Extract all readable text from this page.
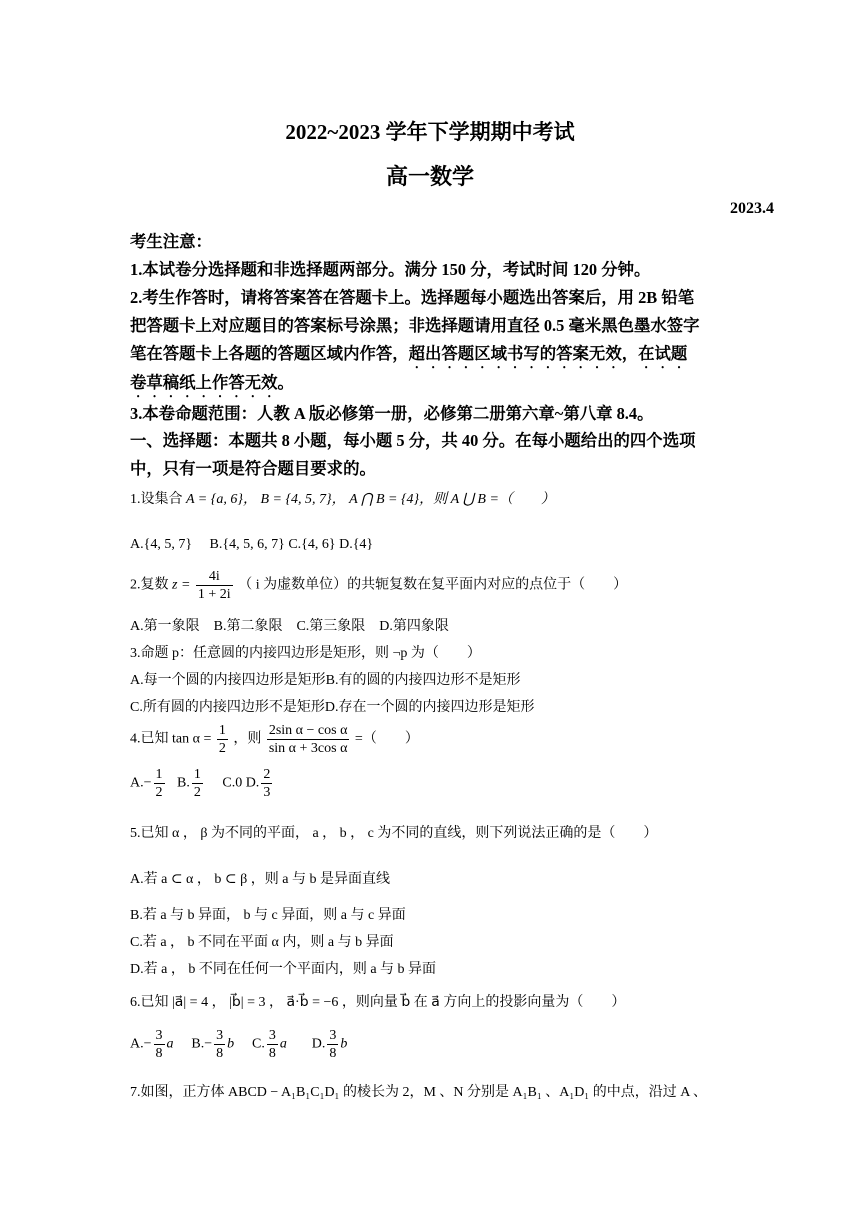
2022~2023 学年下学期期中考试
高一数学
2023.4
考生注意：
1.本试卷分选择题和非选择题两部分。满分 150 分，考试时间 120 分钟。
2.考生作答时，请将答案答在答题卡上。选择题每小题选出答案后，用 2B 铅笔
把答题卡上对应题目的答案标号涂黑；非选择题请用直径 0.5 毫米黑色墨水签字
笔在答题卡上各题的答题区域内作答，超出答题区域书写的答案无效，在试题
卷草稿纸上作答无效。
3.本卷命题范围：人教 A 版必修第一册，必修第二册第六章~第八章 8.4。
一、选择题：本题共 8 小题，每小题 5 分，共 40 分。在每小题给出的四个选项
中，只有一项是符合题目要求的。
1.设集合 A = {a, 6}， B = {4, 5, 7}， A ⋂ B = {4}，则 A ⋃ B =（　　）
A.{4, 5, 7}　 B.{4, 5, 6, 7} C.{4, 6} D.{4}
2.复数 $z = \frac{4i}{1 + 2i}$ （ i 为虚数单位）的共轭复数在复平面内对应的点位于（　　）
A.第一象限　B.第二象限　C.第三象限　D.第四象限
3.命题 p：任意圆的内接四边形是矩形，则 ¬p 为（　　）
A.每一个圆的内接四边形是矩形B.有的圆的内接四边形不是矩形
C.所有圆的内接四边形不是矩形D.存在一个圆的内接四边形是矩形
4.已知 $\tan \alpha = \frac{1}{2}$ ，则 $\frac{\text{2sin α − cos α}}{\text{sin α + 3cos α}}$ =（　　）
$A.- \frac{1}{2} B$. $\frac{1}{2} C.0$ D. $\frac{2}{3}$
5.已知 α ， β 为不同的平面， a ， b ， c 为不同的直线，则下列说法正确的是（　　）
A.若 a ⊂ α ， b ⊂ β ，则 a 与 b 是异面直线
B.若 a 与 b 异面， b 与 c 异面，则 a 与 c 异面
C.若 a ， b 不同在平面 α 内，则 a 与 b 异面
D.若 a ， b 不同在任何一个平面内，则 a 与 b 异面
6.已知 |a⃗| = 4 ， |b⃗| = 3 ， a⃗·b⃗ = −6 ，则向量 b⃗ 在 a⃗ 方向上的投影向量为（　　）
$A.- \frac{3}{8}$ a⃗ $B.- \frac{3}{8}$ b⃗ C. $\frac{3}{8}$ a⃗ D. $\frac{3}{8}$ b⃗
7.如图，正方体 ABCD − A₁B₁C₁D₁ 的棱长为 2，M 、N 分别是 A₁B₁ 、A₁D₁ 的中点，沿过 A 、
